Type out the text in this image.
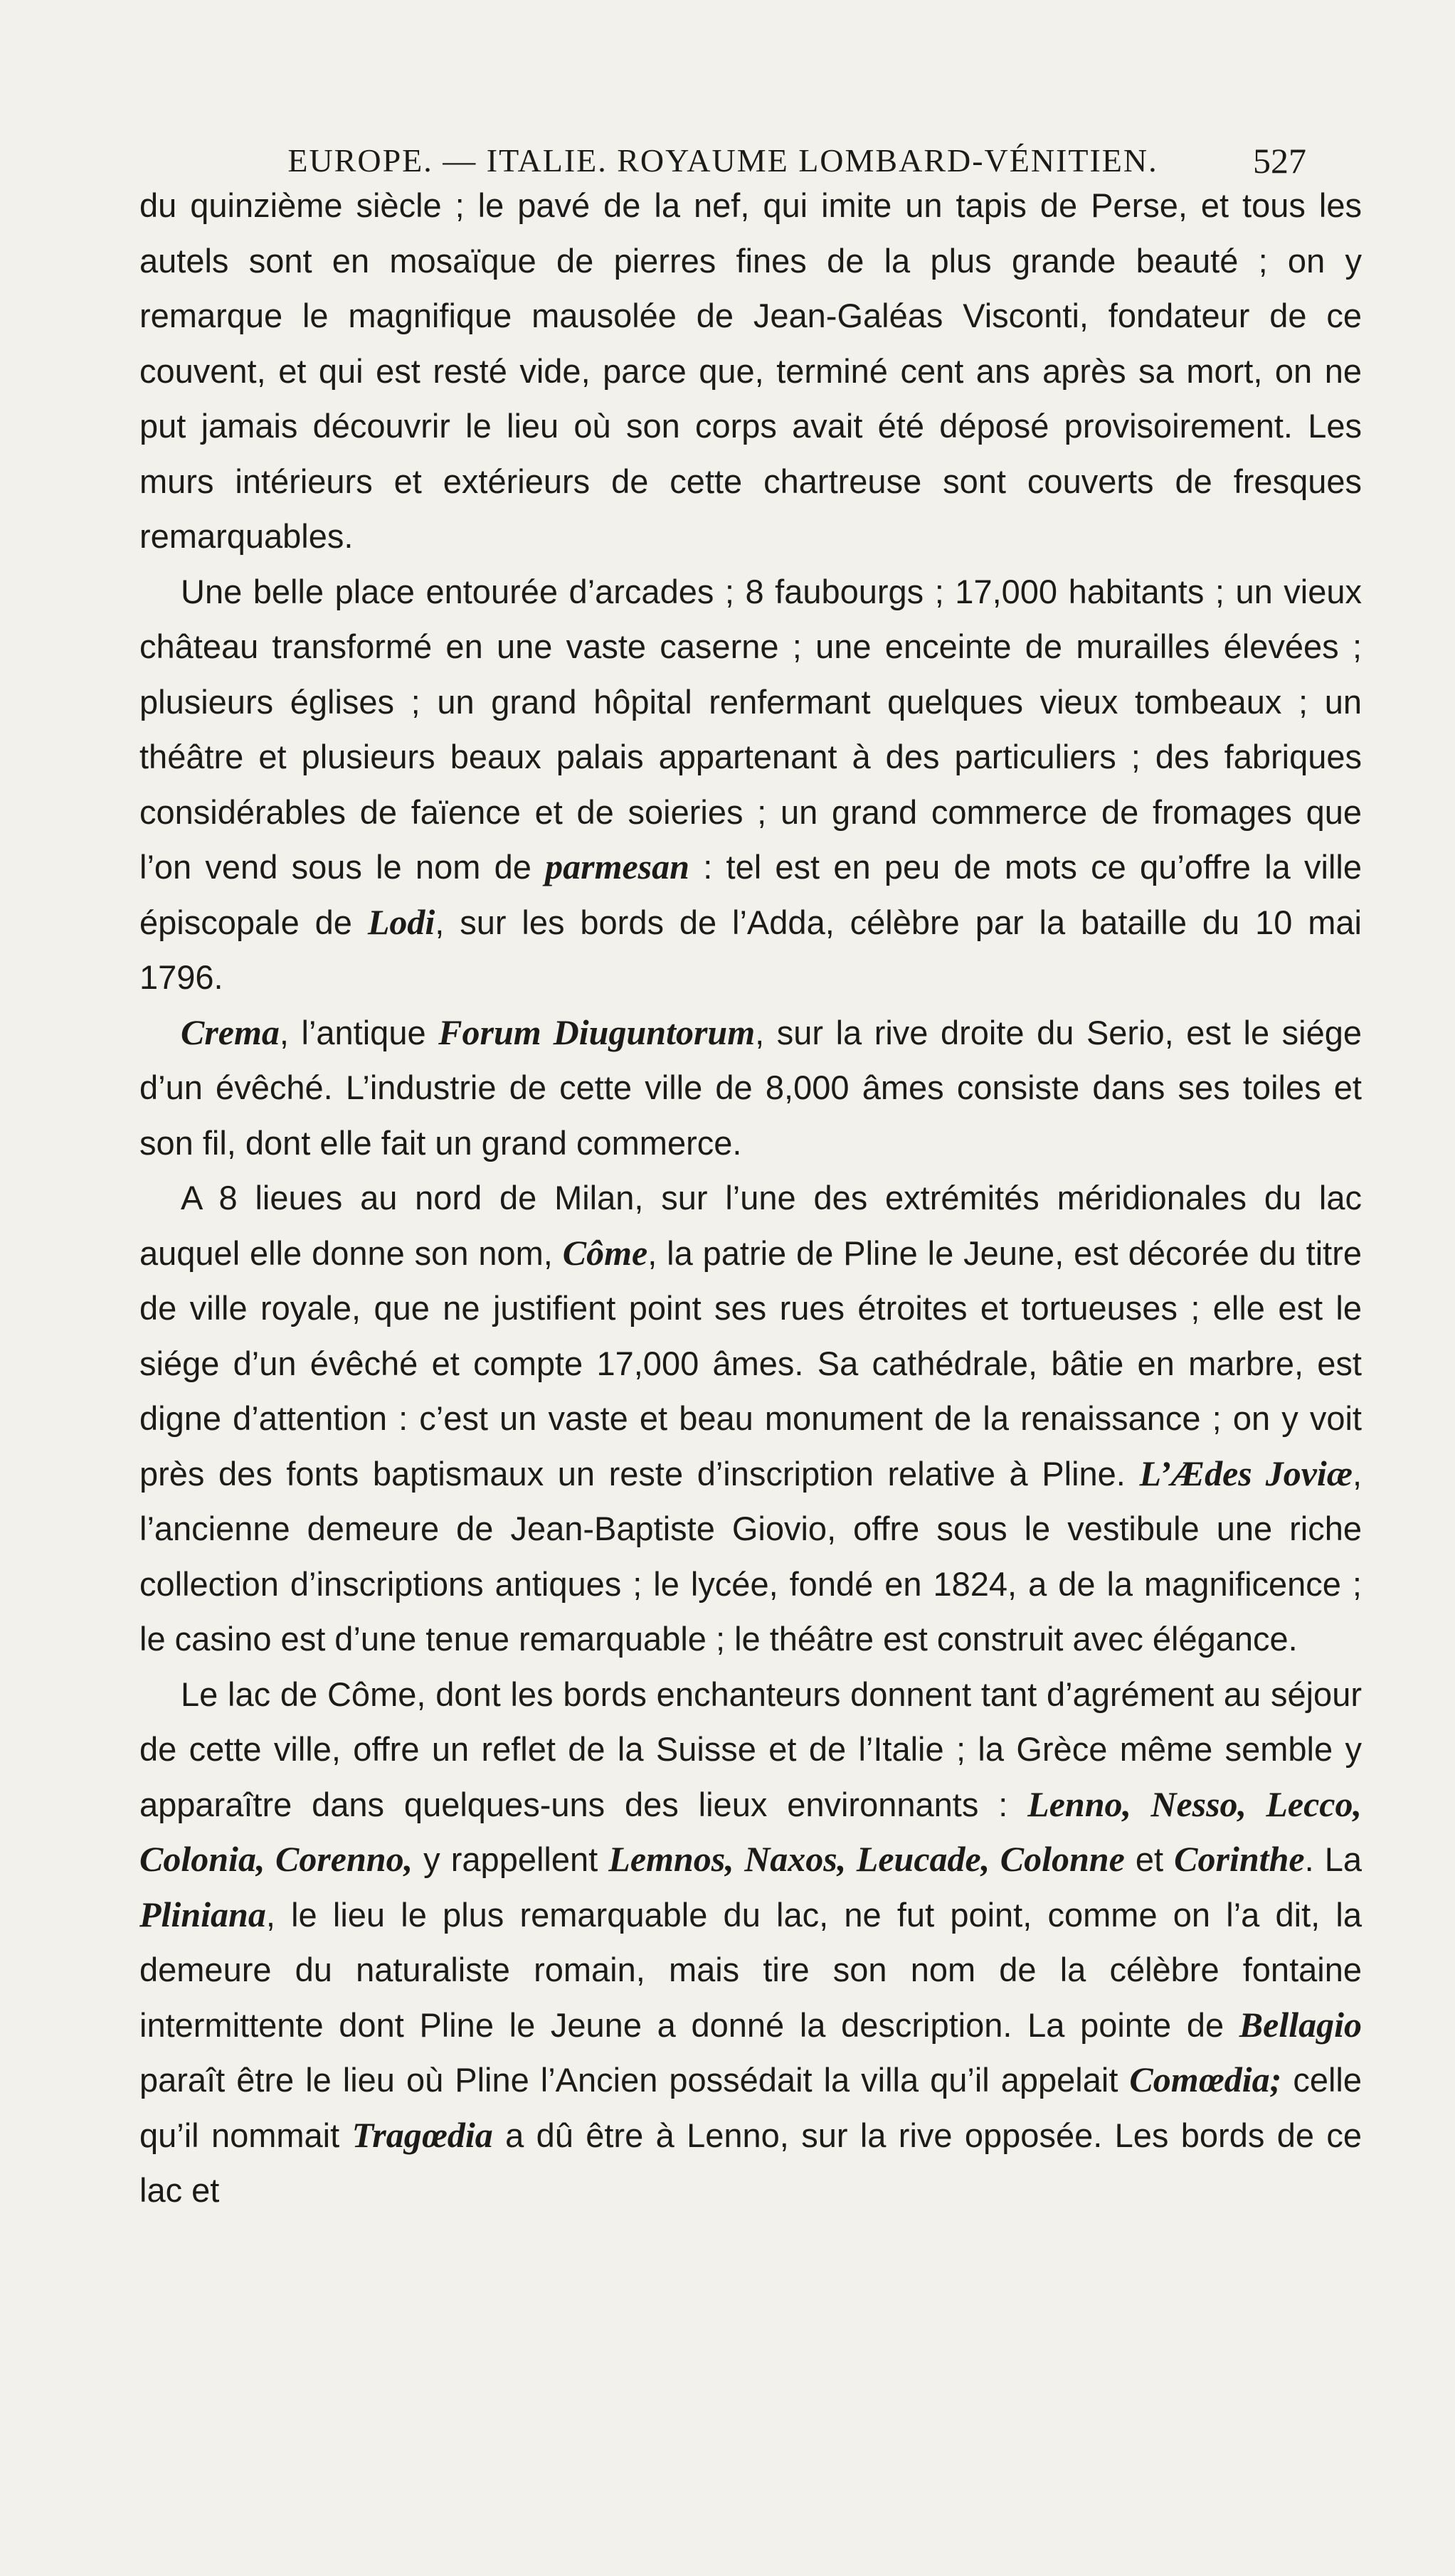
EUROPE. — ITALIE. ROYAUME LOMBARD-VÉNITIEN.	527

du quinzième siècle ; le pavé de la nef, qui imite un tapis de Perse, et tous les autels sont en mosaïque de pierres fines de la plus grande beauté ; on y remarque le magnifique mausolée de Jean-Galéas Visconti, fondateur de ce couvent, et qui est resté vide, parce que, terminé cent ans après sa mort, on ne put jamais découvrir le lieu où son corps avait été déposé provisoirement. Les murs intérieurs et extérieurs de cette chartreuse sont couverts de fresques remarquables.

Une belle place entourée d’arcades ; 8 faubourgs ; 17,000 habitants ; un vieux château transformé en une vaste caserne ; une enceinte de murailles élevées ; plusieurs églises ; un grand hôpital renfermant quelques vieux tombeaux ; un théâtre et plusieurs beaux palais appartenant à des particuliers ; des fabriques considérables de faïence et de soieries ; un grand commerce de fromages que l’on vend sous le nom de parmesan : tel est en peu de mots ce qu’offre la ville épiscopale de Lodi, sur les bords de l’Adda, célèbre par la bataille du 10 mai 1796.

Crema, l’antique Forum Diuguntorum, sur la rive droite du Serio, est le siége d’un évêché. L’industrie de cette ville de 8,000 âmes consiste dans ses toiles et son fil, dont elle fait un grand commerce.

A 8 lieues au nord de Milan, sur l’une des extrémités méridionales du lac auquel elle donne son nom, Côme, la patrie de Pline le Jeune, est décorée du titre de ville royale, que ne justifient point ses rues étroites et tortueuses ; elle est le siége d’un évêché et compte 17,000 âmes. Sa cathédrale, bâtie en marbre, est digne d’attention : c’est un vaste et beau monument de la renaissance ; on y voit près des fonts baptismaux un reste d’inscription relative à Pline. L’Ædes Joviæ, l’ancienne demeure de Jean-Baptiste Giovio, offre sous le vestibule une riche collection d’inscriptions antiques ; le lycée, fondé en 1824, a de la magnificence ; le casino est d’une tenue remarquable ; le théâtre est construit avec élégance.

Le lac de Côme, dont les bords enchanteurs donnent tant d’agrément au séjour de cette ville, offre un reflet de la Suisse et de l’Italie ; la Grèce même semble y apparaître dans quelques-uns des lieux environnants : Lenno, Nesso, Lecco, Colonia, Corenno, y rappellent Lemnos, Naxos, Leucade, Colonne et Corinthe. La Pliniana, le lieu le plus remarquable du lac, ne fut point, comme on l’a dit, la demeure du naturaliste romain, mais tire son nom de la célèbre fontaine intermittente dont Pline le Jeune a donné la description. La pointe de Bellagio paraît être le lieu où Pline l’Ancien possédait la villa qu’il appelait Comœdia; celle qu’il nommait Tragœdia a dû être à Lenno, sur la rive opposée. Les bords de ce lac et
